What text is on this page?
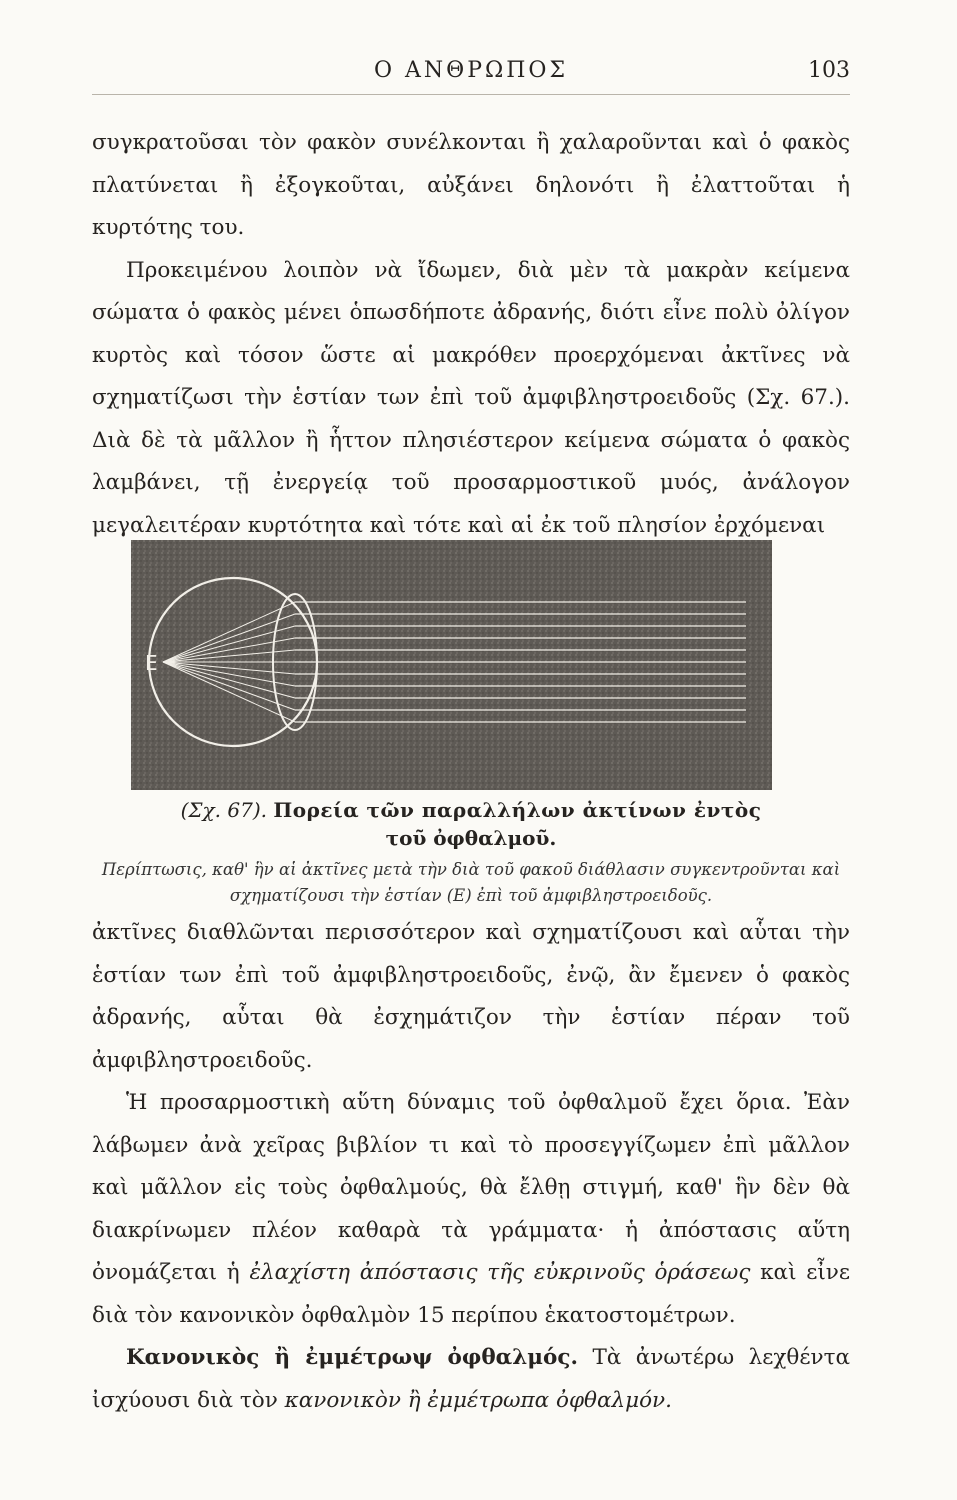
Ο ΑΝΘΡΩΠΟΣ	103

συγκρατοῦσαι τὸν φακὸν συνέλκονται ἢ χαλαροῦνται καὶ ὁ φακὸς πλατύνεται ἢ ἐξογκοῦται, αὐξάνει δηλονότι ἢ ἐλαττοῦται ἡ κυρτότης του.

Προκειμένου λοιπὸν νὰ ἴδωμεν, διὰ μὲν τὰ μακρὰν κείμενα σώματα ὁ φακὸς μένει ὁπωσδήποτε ἀδρανής, διότι εἶνε πολὺ ὀλίγον κυρτὸς καὶ τόσον ὥστε αἱ μακρόθεν προερχόμεναι ἀκτῖνες νὰ σχηματίζωσι τὴν ἑστίαν των ἐπὶ τοῦ ἀμφιβληστροειδοῦς (Σχ. 67.). Διὰ δὲ τὰ μᾶλλον ἢ ἧττον πλησιέστερον κείμενα σώματα ὁ φακὸς λαμβάνει, τῇ ἐνεργείᾳ τοῦ προσαρμοστικοῦ μυός, ἀνάλογον μεγαλειτέραν κυρτότητα καὶ τότε καὶ αἱ ἐκ τοῦ πλησίον ἐρχόμεναι

E
(Σχ. 67). Πορεία τῶν παραλλήλων ἀκτίνων ἐντὸς
τοῦ ὀφθαλμοῦ.
Περίπτωσις, καθ' ἣν αἱ ἀκτῖνες μετὰ τὴν διὰ τοῦ φακοῦ διάθλασιν συγκεντροῦνται καὶ σχηματίζουσι τὴν ἑστίαν (Ε) ἐπὶ τοῦ ἀμφιβληστροειδοῦς.

ἀκτῖνες διαθλῶνται περισσότερον καὶ σχηματίζουσι καὶ αὗται τὴν ἑστίαν των ἐπὶ τοῦ ἀμφιβληστροειδοῦς, ἐνῷ, ἂν ἔμενεν ὁ φακὸς ἀδρανής, αὗται θὰ ἐσχημάτιζον τὴν ἑστίαν πέραν τοῦ ἀμφιβληστροειδοῦς.

Ἡ προσαρμοστικὴ αὕτη δύναμις τοῦ ὀφθαλμοῦ ἔχει ὅρια. Ἐὰν λάβωμεν ἀνὰ χεῖρας βιβλίον τι καὶ τὸ προσεγγίζωμεν ἐπὶ μᾶλλον καὶ μᾶλλον εἰς τοὺς ὀφθαλμούς, θὰ ἔλθῃ στιγμή, καθ' ἣν δὲν θὰ διακρίνωμεν πλέον καθαρὰ τὰ γράμματα· ἡ ἀπόστασις αὕτη ὀνομάζεται ἡ ἐλαχίστη ἀπόστασις τῆς εὐκρινοῦς ὁράσεως καὶ εἶνε διὰ τὸν κανονικὸν ὀφθαλμὸν 15 περίπου ἑκατοστομέτρων.

Κανονικὸς ἢ ἐμμέτρωψ ὀφθαλμός. Τὰ ἀνωτέρω λεχθέντα ἰσχύουσι διὰ τὸν κανονικὸν ἢ ἐμμέτρωπα ὀφθαλμόν.
